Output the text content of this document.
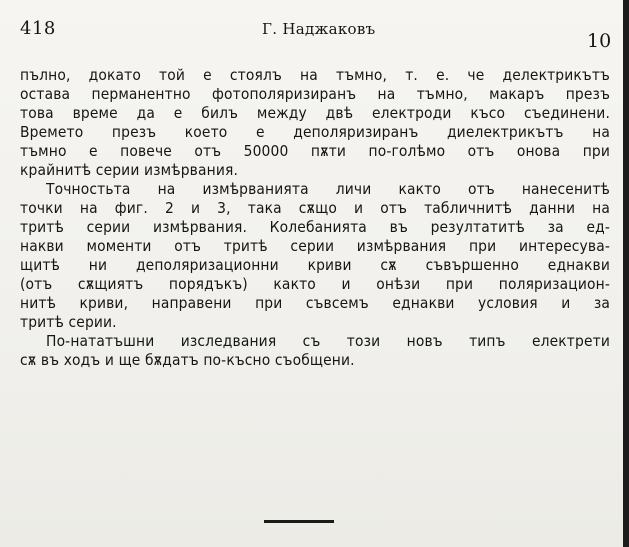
418	Г. Наджаковъ
10
пълно, докато той е стоялъ на тъмно, т. е. че делектрикътъ
остава перманентно фотополяризиранъ на тъмно, макаръ презъ
това време да е билъ между двѣ електроди късо съединени.
Времето презъ което е деполяризиранъ диелектрикътъ на
тъмно е повече отъ 50000 пѫти по-голѣмо отъ онова при
крайнитѣ серии измѣрвания.
Точностьта на измѣрванията личи както отъ нанесенитѣ
точки на фиг. 2 и 3, така сѫщо и отъ табличнитѣ данни на
тритѣ серии измѣрвания. Колебанията въ резултатитѣ за ед-
накви моменти отъ тритѣ серии измѣрвания при интересува-
щитѣ ни деполяризационни криви сѫ съвършенно еднакви
(отъ сѫщиятъ порядъкъ) както и онѣзи при поляризацион-
нитѣ криви, направени при съвсемъ еднакви условия и за
тритѣ серии.
По-нататъшни изследвания съ този новъ типъ електрети
сѫ въ ходъ и ще бѫдатъ по-късно съобщени.
